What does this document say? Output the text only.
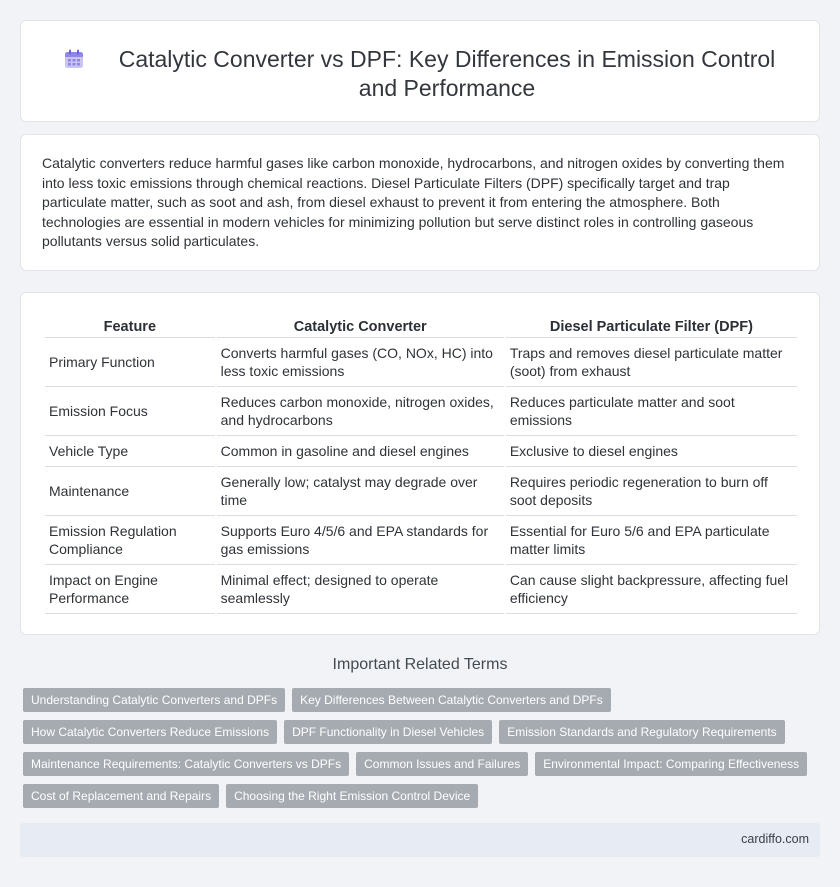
Catalytic Converter vs DPF: Key Differences in Emission Control and Performance

Catalytic converters reduce harmful gases like carbon monoxide, hydrocarbons, and nitrogen oxides by converting them into less toxic emissions through chemical reactions. Diesel Particulate Filters (DPF) specifically target and trap particulate matter, such as soot and ash, from diesel exhaust to prevent it from entering the atmosphere. Both technologies are essential in modern vehicles for minimizing pollution but serve distinct roles in controlling gaseous pollutants versus solid particulates.

Feature	Catalytic Converter	Diesel Particulate Filter (DPF)
Primary Function	Converts harmful gases (CO, NOx, HC) into less toxic emissions	Traps and removes diesel particulate matter (soot) from exhaust
Emission Focus	Reduces carbon monoxide, nitrogen oxides, and hydrocarbons	Reduces particulate matter and soot emissions
Vehicle Type	Common in gasoline and diesel engines	Exclusive to diesel engines
Maintenance	Generally low; catalyst may degrade over time	Requires periodic regeneration to burn off soot deposits
Emission Regulation Compliance	Supports Euro 4/5/6 and EPA standards for gas emissions	Essential for Euro 5/6 and EPA particulate matter limits
Impact on Engine Performance	Minimal effect; designed to operate seamlessly	Can cause slight backpressure, affecting fuel efficiency
Important Related Terms
Understanding Catalytic Converters and DPFs	Key Differences Between Catalytic Converters and DPFs
How Catalytic Converters Reduce Emissions	DPF Functionality in Diesel Vehicles	Emission Standards and Regulatory Requirements
Maintenance Requirements: Catalytic Converters vs DPFs	Common Issues and Failures	Environmental Impact: Comparing Effectiveness
Cost of Replacement and Repairs	Choosing the Right Emission Control Device
cardiffo.com
